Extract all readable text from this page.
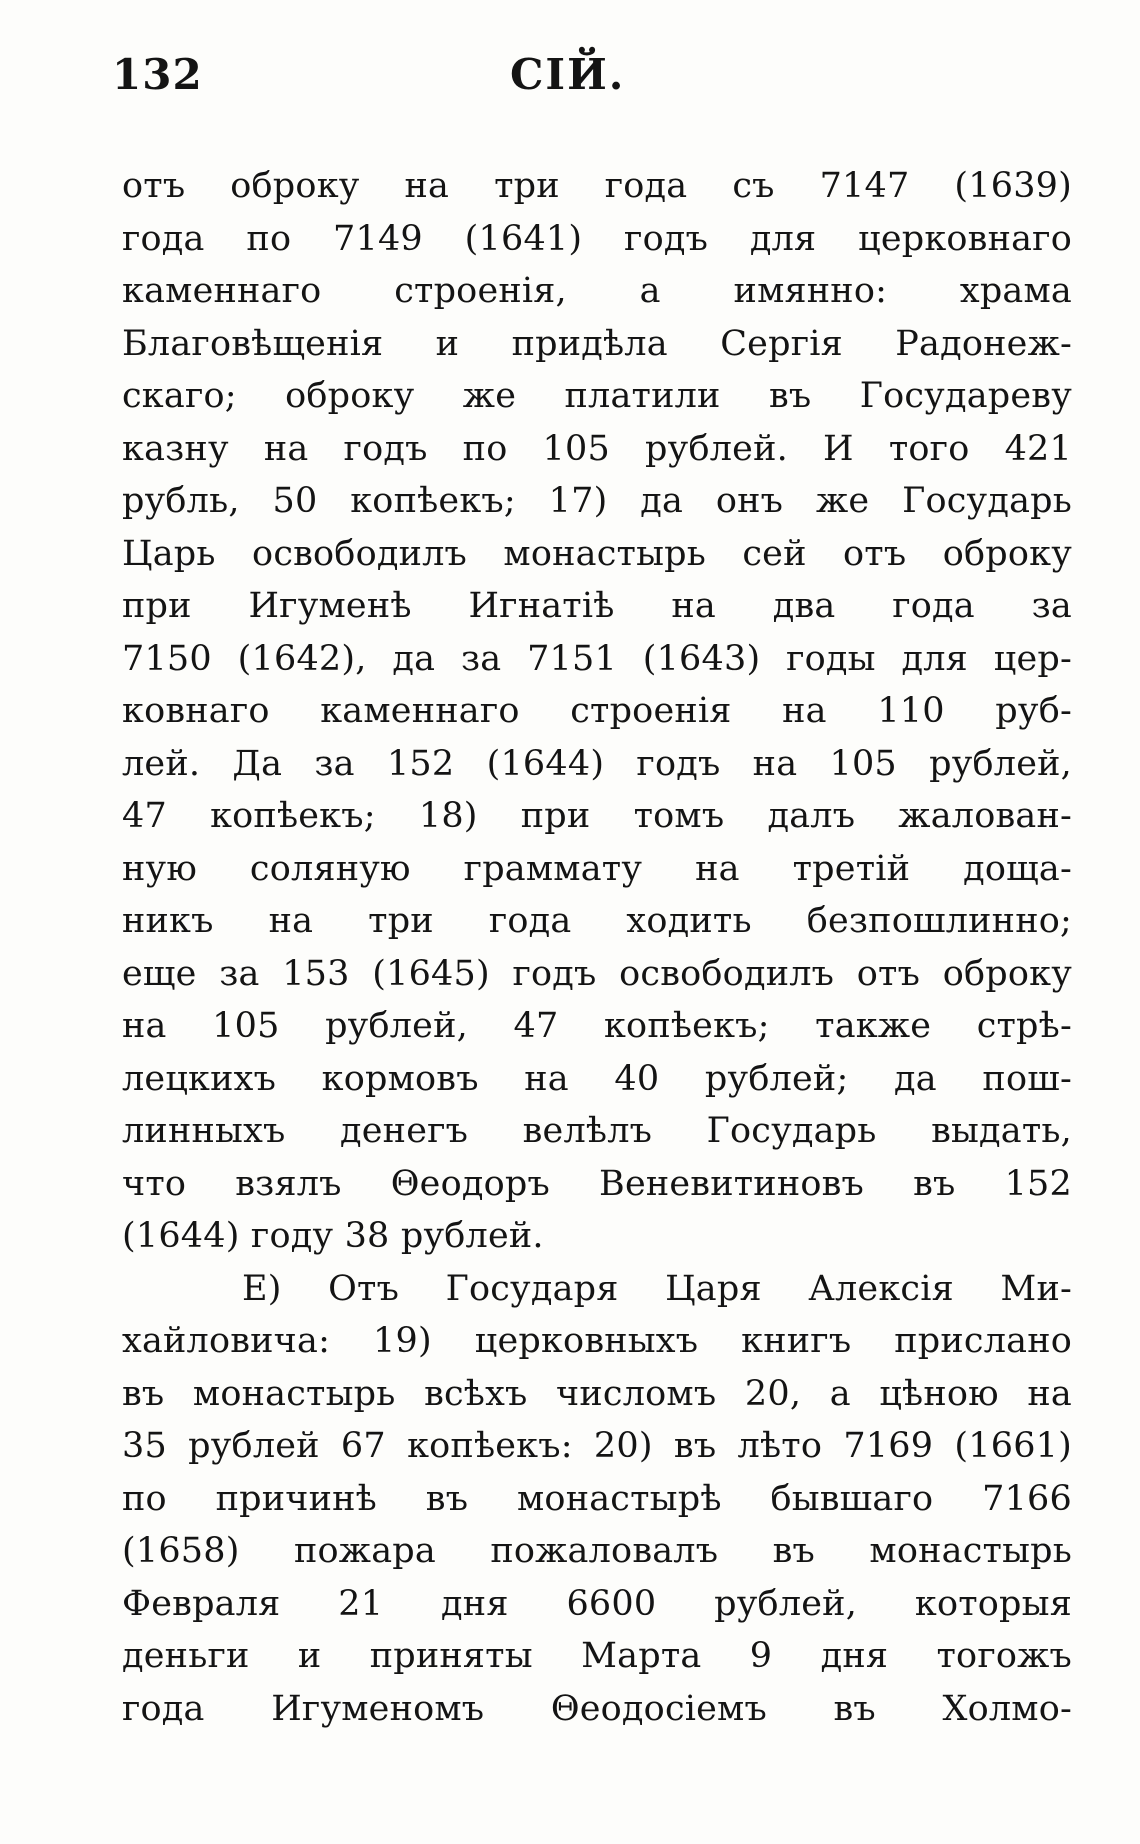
132	СІЙ.
отъ оброку на три года съ 7147 (1639)
года по 7149 (1641) годъ для церковнаго
каменнаго строенія, а имянно: храма
Благовѣщенія и придѣла Сергія Радонеж-
скаго; оброку же платили въ Государеву
казну на годъ по 105 рублей. И того 421
рубль, 50 копѣекъ; 17) да онъ же Государь
Царь освободилъ монастырь сей отъ оброку
при Игуменѣ Игнатіѣ на два года за
7150 (1642), да за 7151 (1643) годы для цер-
ковнаго каменнаго строенія на 110 руб-
лей. Да за 152 (1644) годъ на 105 рублей,
47 копѣекъ; 18) при томъ далъ жалован-
ную соляную граммату на третій доща-
никъ на три года ходить безпошлинно;
еще за 153 (1645) годъ освободилъ отъ оброку
на 105 рублей, 47 копѣекъ; также стрѣ-
лецкихъ кормовъ на 40 рублей; да пош-
линныхъ денегъ велѣлъ Государь выдать,
что взялъ Θеодоръ Веневитиновъ въ 152
(1644) году 38 рублей.
Е) Отъ Государя Царя Алексія Ми-
хайловича: 19) церковныхъ книгъ прислано
въ монастырь всѣхъ числомъ 20, а цѣною на
35 рублей 67 копѣекъ: 20) въ лѣто 7169 (1661)
по причинѣ въ монастырѣ бывшаго 7166
(1658) пожара пожаловалъ въ монастырь
Февраля 21 дня 6600 рублей, которыя
деньги и приняты Марта 9 дня тогожъ
года Игуменомъ Θеодосіемъ въ Холмо-
